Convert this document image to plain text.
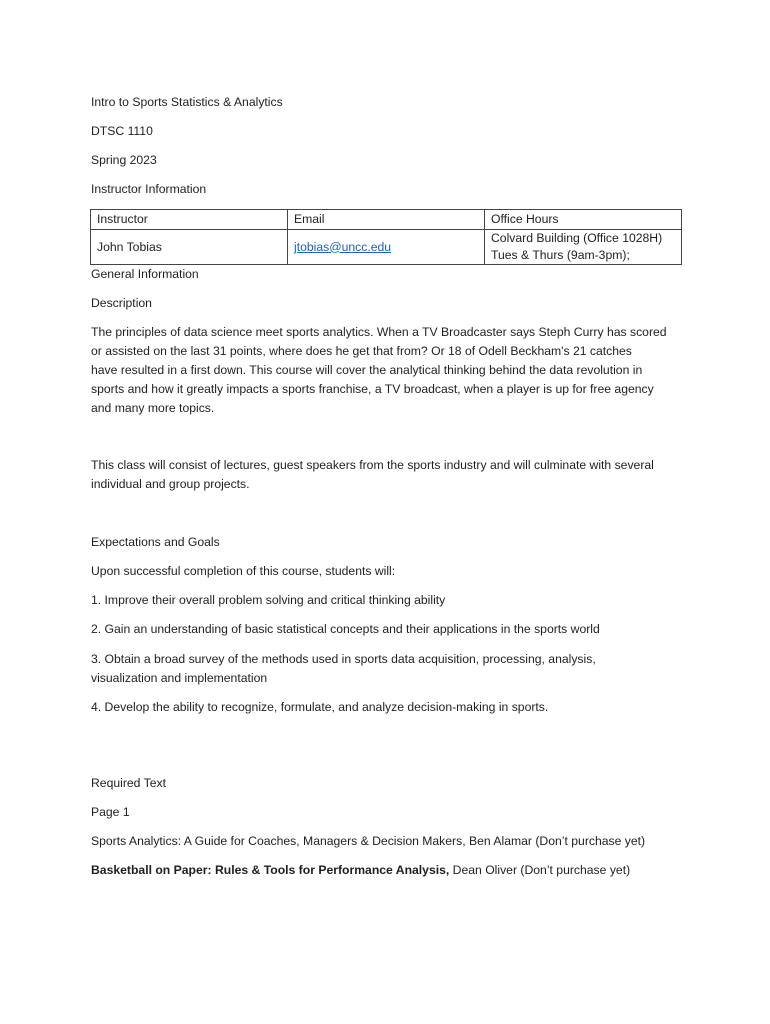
Intro to Sports Statistics & Analytics
DTSC 1110
Spring 2023
Instructor Information
Instructor	Email	Office Hours
John Tobias	jtobias@uncc.edu	Colvard Building (Office 1028H)
Tues & Thurs (9am-3pm);
General Information
Description
The principles of data science meet sports analytics. When a TV Broadcaster says Steph Curry has scored
or assisted on the last 31 points, where does he get that from? Or 18 of Odell Beckham's 21 catches
have resulted in a first down. This course will cover the analytical thinking behind the data revolution in
sports and how it greatly impacts a sports franchise, a TV broadcast, when a player is up for free agency
and many more topics.
This class will consist of lectures, guest speakers from the sports industry and will culminate with several
individual and group projects.
Expectations and Goals
Upon successful completion of this course, students will:
1. Improve their overall problem solving and critical thinking ability
2. Gain an understanding of basic statistical concepts and their applications in the sports world
3. Obtain a broad survey of the methods used in sports data acquisition, processing, analysis,
visualization and implementation
4. Develop the ability to recognize, formulate, and analyze decision-making in sports.
Required Text
Page 1
Sports Analytics: A Guide for Coaches, Managers & Decision Makers, Ben Alamar (Don’t purchase yet)
Basketball on Paper: Rules & Tools for Performance Analysis, Dean Oliver (Don’t purchase yet)
